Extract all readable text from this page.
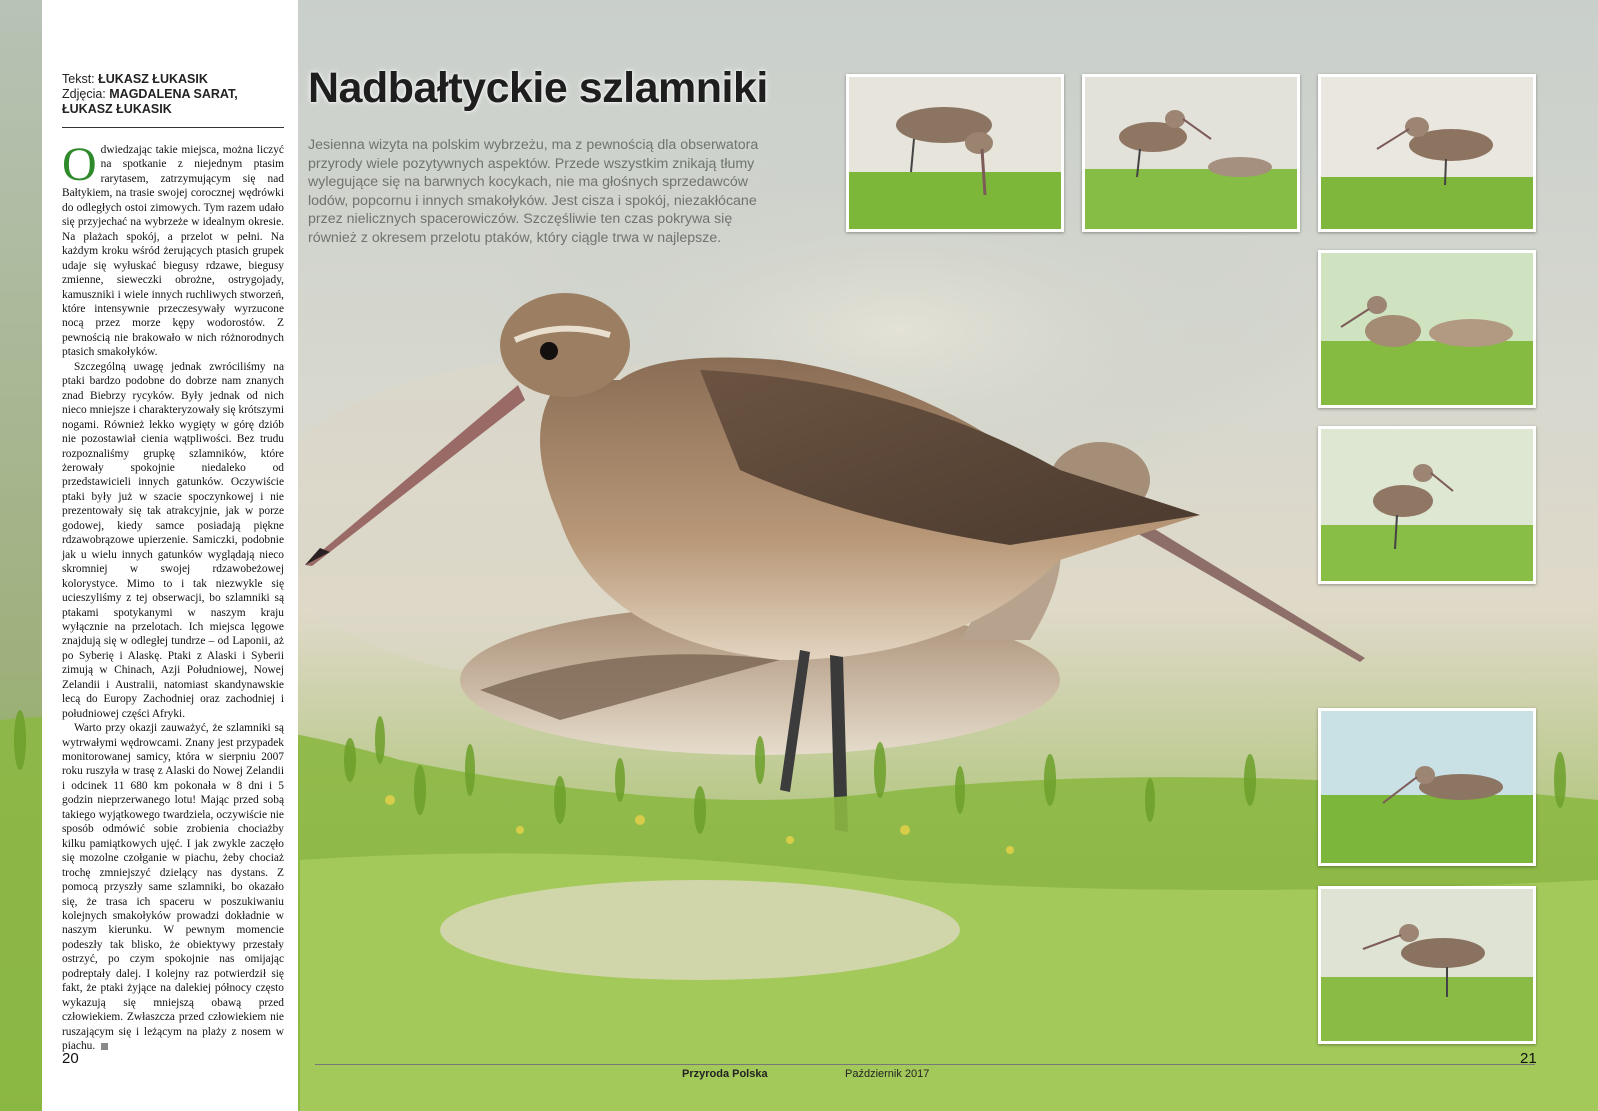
Tekst: ŁUKASZ ŁUKASIK
Zdjęcia: MAGDALENA SARAT,
ŁUKASZ ŁUKASIK

Odwiedzając takie miejsca, można liczyć na spotkanie z niejednym ptasim rarytasem, zatrzymującym się nad Bałtykiem, na trasie swojej corocznej wędrówki do odległych ostoi zimowych. Tym razem udało się przyjechać na wybrzeże w idealnym okresie. Na plażach spokój, a przelot w pełni. Na każdym kroku wśród żerujących ptasich grupek udaje się wyłuskać biegusy rdzawe, biegusy zmienne, sieweczki obrożne, ostrygojady, kamuszniki i wiele innych ruchliwych stworzeń, które intensywnie przeczesywały wyrzucone nocą przez morze kępy wodorostów. Z pewnością nie brakowało w nich różnorodnych ptasich smakołyków.

Szczególną uwagę jednak zwróciliśmy na ptaki bardzo podobne do dobrze nam znanych znad Biebrzy rycyków. Były jednak od nich nieco mniejsze i charakteryzowały się krótszymi nogami. Również lekko wygięty w górę dziób nie pozostawiał cienia wątpliwości. Bez trudu rozpoznaliśmy grupkę szlamników, które żerowały spokojnie niedaleko od przedstawicieli innych gatunków. Oczywiście ptaki były już w szacie spoczynkowej i nie prezentowały się tak atrakcyjnie, jak w porze godowej, kiedy samce posiadają piękne rdzawobrązowe upierzenie. Samiczki, podobnie jak u wielu innych gatunków wyglądają nieco skromniej w swojej rdzawobeżowej kolorystyce. Mimo to i tak niezwykle się ucieszyliśmy z tej obserwacji, bo szlamniki są ptakami spotykanymi w naszym kraju wyłącznie na przelotach. Ich miejsca lęgowe znajdują się w odległej tundrze – od Laponii, aż po Syberię i Alaskę. Ptaki z Alaski i Syberii zimują w Chinach, Azji Południowej, Nowej Zelandii i Australii, natomiast skandynawskie lecą do Europy Zachodniej oraz zachodniej i południowej części Afryki.

Warto przy okazji zauważyć, że szlamniki są wytrwałymi wędrowcami. Znany jest przypadek monitorowanej samicy, która w sierpniu 2007 roku ruszyła w trasę z Alaski do Nowej Zelandii i odcinek 11 680 km pokonała w 8 dni i 5 godzin nieprzerwanego lotu! Mając przed sobą takiego wyjątkowego twardziela, oczywiście nie sposób odmówić sobie zrobienia chociażby kilku pamiątkowych ujęć. I jak zwykle zaczęło się mozolne czołganie w piachu, żeby chociaż trochę zmniejszyć dzielący nas dystans. Z pomocą przyszły same szlamniki, bo okazało się, że trasa ich spaceru w poszukiwaniu kolejnych smakołyków prowadzi dokładnie w naszym kierunku. W pewnym momencie podeszły tak blisko, że obiektywy przestały ostrzyć, po czym spokojnie nas omijając podreptały dalej. I kolejny raz potwierdził się fakt, że ptaki żyjące na dalekiej północy często wykazują się mniejszą obawą przed człowiekiem. Zwłaszcza przed człowiekiem nie ruszającym się i leżącym na plaży z nosem w piachu.

20
Nadbałtyckie szlamniki
Jesienna wizyta na polskim wybrzeżu, ma z pewnością dla obserwatora przyrody wiele pozytywnych aspektów. Przede wszystkim znikają tłumy wylegujące się na barwnych kocykach, nie ma głośnych sprzedawców lodów, popcornu i innych smakołyków. Jest cisza i spokój, niezakłócane przez nielicznych spacerowiczów. Szczęśliwie ten czas pokrywa się również z okresem przelotu ptaków, który ciągle trwa w najlepsze.
Przyroda Polska	Październik 2017
21
